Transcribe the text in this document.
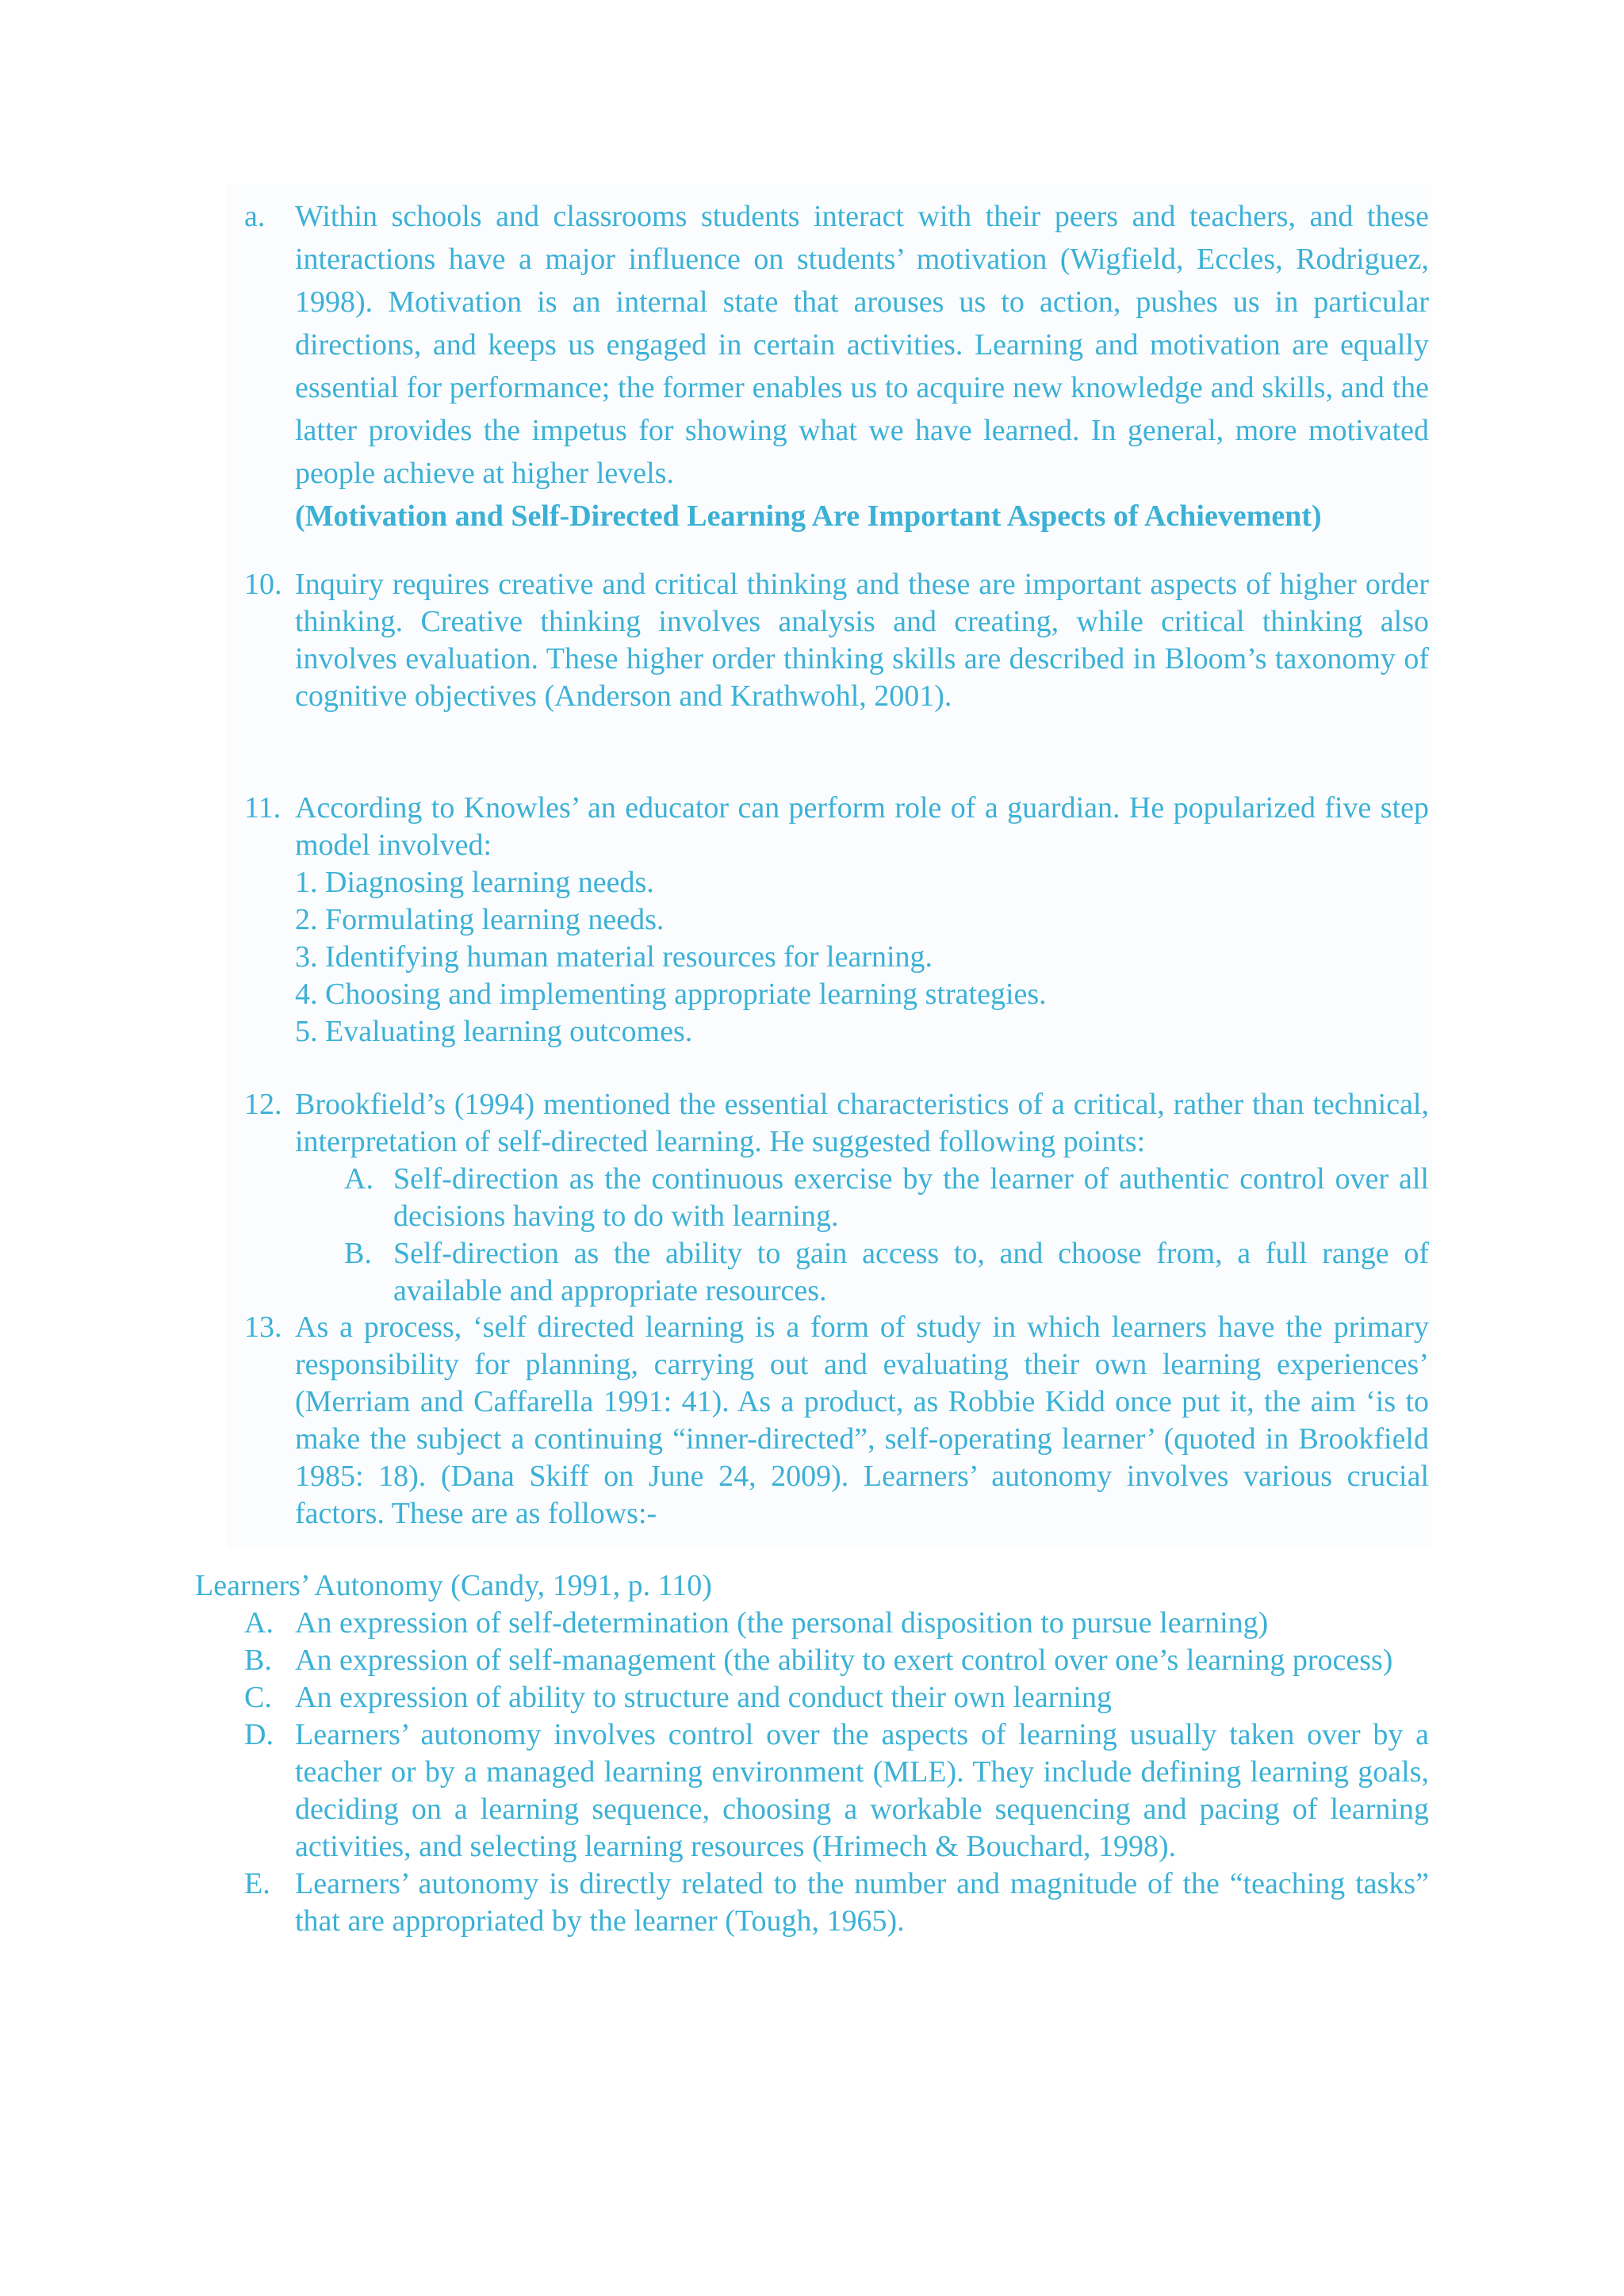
a. Within schools and classrooms students interact with their peers and teachers, and these interactions have a major influence on students’ motivation (Wigfield, Eccles, Rodriguez, 1998). Motivation is an internal state that arouses us to action, pushes us in particular directions, and keeps us engaged in certain activities. Learning and motivation are equally essential for performance; the former enables us to acquire new knowledge and skills, and the latter provides the impetus for showing what we have learned. In general, more motivated people achieve at higher levels.

(Motivation and Self-Directed Learning Are Important Aspects of Achievement)

10. Inquiry requires creative and critical thinking and these are important aspects of higher order thinking. Creative thinking involves analysis and creating, while critical thinking also involves evaluation. These higher order thinking skills are described in Bloom’s taxonomy of cognitive objectives (Anderson and Krathwohl, 2001).

11. According to Knowles’ an educator can perform role of a guardian. He popularized five step model involved:

1. Diagnosing learning needs.
2. Formulating learning needs.
3. Identifying human material resources for learning.
4. Choosing and implementing appropriate learning strategies.
5. Evaluating learning outcomes.
12. Brookfield’s (1994) mentioned the essential characteristics of a critical, rather than technical, interpretation of self-directed learning. He suggested following points:

A. Self-direction as the continuous exercise by the learner of authentic control over all decisions having to do with learning.
B. Self-direction as the ability to gain access to, and choose from, a full range of available and appropriate resources.
13. As a process, ‘self directed learning is a form of study in which learners have the primary responsibility for planning, carrying out and evaluating their own learning experiences’ (Merriam and Caffarella 1991: 41). As a product, as Robbie Kidd once put it, the aim ‘is to make the subject a continuing “inner-directed”, self-operating learner’ (quoted in Brookfield 1985: 18). (Dana Skiff on June 24, 2009). Learners’ autonomy involves various crucial factors. These are as follows:-

Learners’ Autonomy (Candy, 1991, p. 110)

A. An expression of self-determination (the personal disposition to pursue learning)
B. An expression of self-management (the ability to exert control over one’s learning process)
C. An expression of ability to structure and conduct their own learning
D. Learners’ autonomy involves control over the aspects of learning usually taken over by a teacher or by a managed learning environment (MLE). They include defining learning goals, deciding on a learning sequence, choosing a workable sequencing and pacing of learning activities, and selecting learning resources (Hrimech & Bouchard, 1998).
E. Learners’ autonomy is directly related to the number and magnitude of the “teaching tasks” that are appropriated by the learner (Tough, 1965).
